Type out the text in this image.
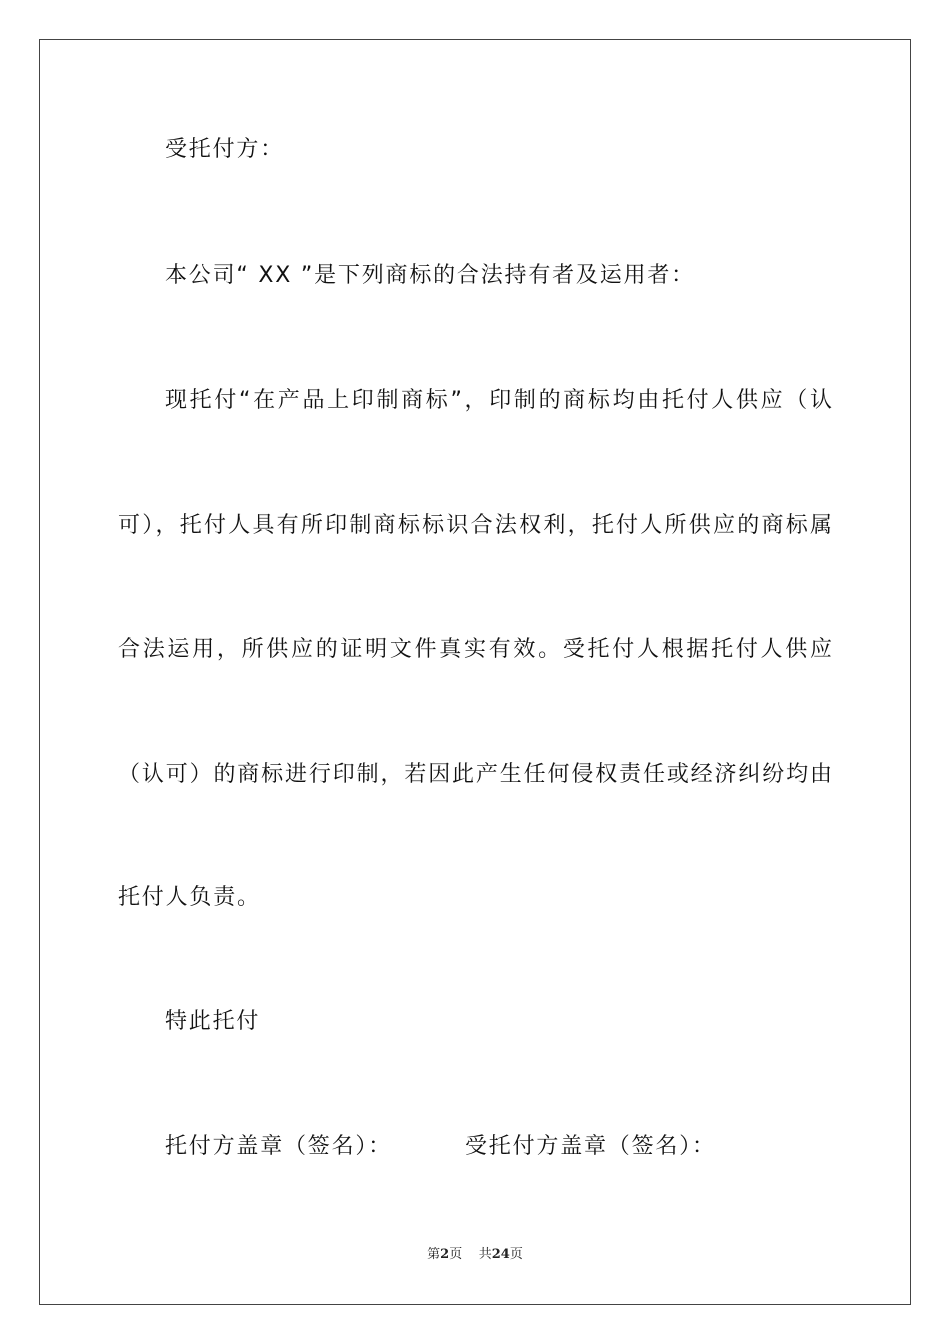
受托付方：
本公司“ XX ”是下列商标的合法持有者及运用者：
现托付“在产品上印制商标”，印制的商标均由托付人供应（认
可），托付人具有所印制商标标识合法权利，托付人所供应的商标属
合法运用，所供应的证明文件真实有效。受托付人根据托付人供应
（认可）的商标进行印制，若因此产生任何侵权责任或经济纠纷均由
托付人负责。
特此托付
托付方盖章（签名）：	受托付方盖章（签名）：
第2页 共24页
